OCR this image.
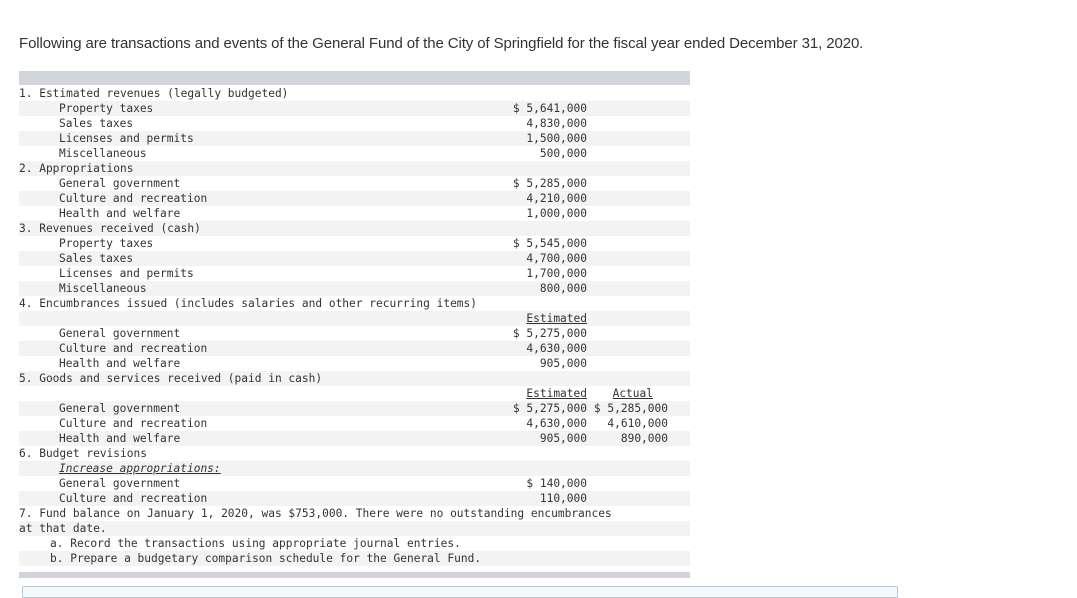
Following are transactions and events of the General Fund of the City of Springfield for the fiscal year ended December 31, 2020.
1. Estimated revenues (legally budgeted)
Property taxes	$ 5,641,000
Sales taxes	4,830,000
Licenses and permits	1,500,000
Miscellaneous	500,000
2. Appropriations
General government	$ 5,285,000
Culture and recreation	4,210,000
Health and welfare	1,000,000
3. Revenues received (cash)
Property taxes	$ 5,545,000
Sales taxes	4,700,000
Licenses and permits	1,700,000
Miscellaneous	800,000
4. Encumbrances issued (includes salaries and other recurring items)
Estimated
General government	$ 5,275,000
Culture and recreation	4,630,000
Health and welfare	905,000
5. Goods and services received (paid in cash)
Estimated Actual
General government	$ 5,275,000 $ 5,285,000
Culture and recreation	4,630,000 4,610,000
Health and welfare	905,000	890,000
6. Budget revisions
Increase appropriations:
General government	$ 140,000
Culture and recreation	110,000
7. Fund balance on January 1, 2020, was $753,000. There were no outstanding encumbrances
at that date.
a. Record the transactions using appropriate journal entries.
b. Prepare a budgetary comparison schedule for the General Fund.
